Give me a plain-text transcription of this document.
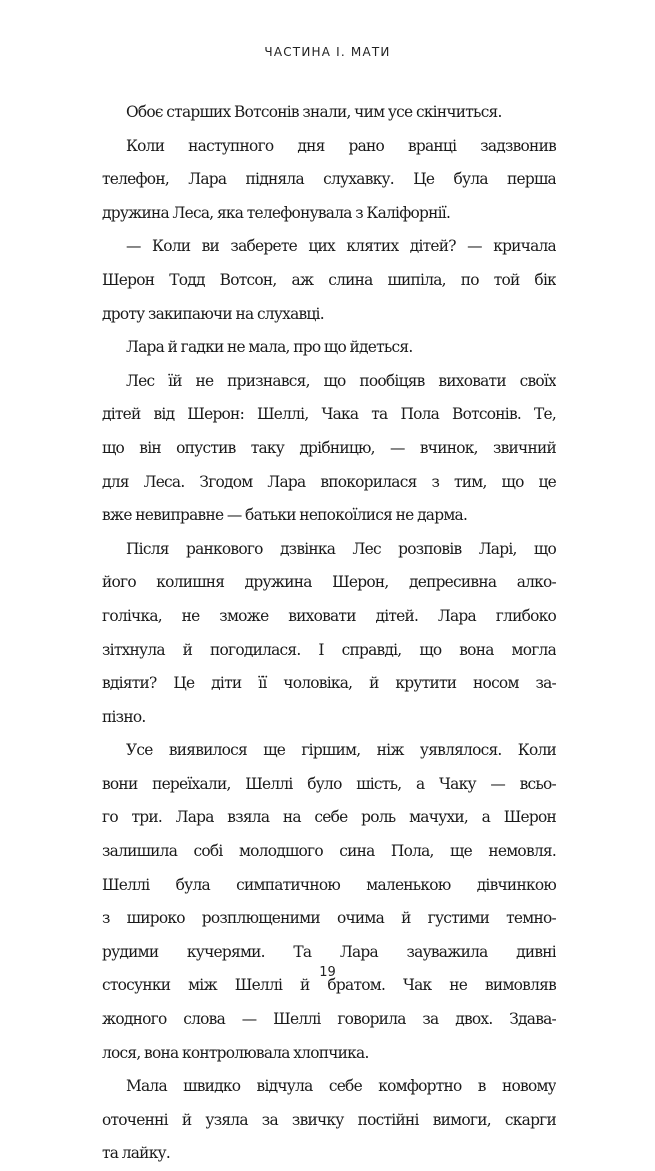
ЧАСТИНА І. МАТИ
Обоє старших Вотсонів знали, чим усе скінчиться.
Коли наступного дня рано вранці задзвонив
телефон, Лара підняла слухавку. Це була перша
дружина Леса, яка телефонувала з Каліфорнії.
— Коли ви заберете цих клятих дітей? — кричала
Шерон Тодд Вотсон, аж слина шипіла, по той бік
дроту закипаючи на слухавці.
Лара й гадки не мала, про що йдеться.
Лес їй не признався, що пообіцяв виховати своїх
дітей від Шерон: Шеллі, Чака та Пола Вотсонів. Те,
що він опустив таку дрібницю, — вчинок, звичний
для Леса. Згодом Лара впокорилася з тим, що це
вже невиправне — батьки непокоїлися не дарма.
Після ранкового дзвінка Лес розповів Ларі, що
його колишня дружина Шерон, депресивна алко-
голічка, не зможе виховати дітей. Лара глибоко
зітхнула й погодилася. І справді, що вона могла
вдіяти? Це діти її чоловіка, й крутити носом за-
пізно.
Усе виявилося ще гіршим, ніж уявлялося. Коли
вони переїхали, Шеллі було шість, а Чаку — всьо-
го три. Лара взяла на себе роль мачухи, а Шерон
залишила собі молодшого сина Пола, ще немовля.
Шеллі була симпатичною маленькою дівчинкою
з широко розплющеними очима й густими темно-
рудими кучерями. Та Лара зауважила дивні
стосунки між Шеллі й братом. Чак не вимовляв
жодного слова — Шеллі говорила за двох. Здава-
лося, вона контролювала хлопчика.
Мала швидко відчула себе комфортно в новому
оточенні й узяла за звичку постійні вимоги, скарги
та лайку.
19
